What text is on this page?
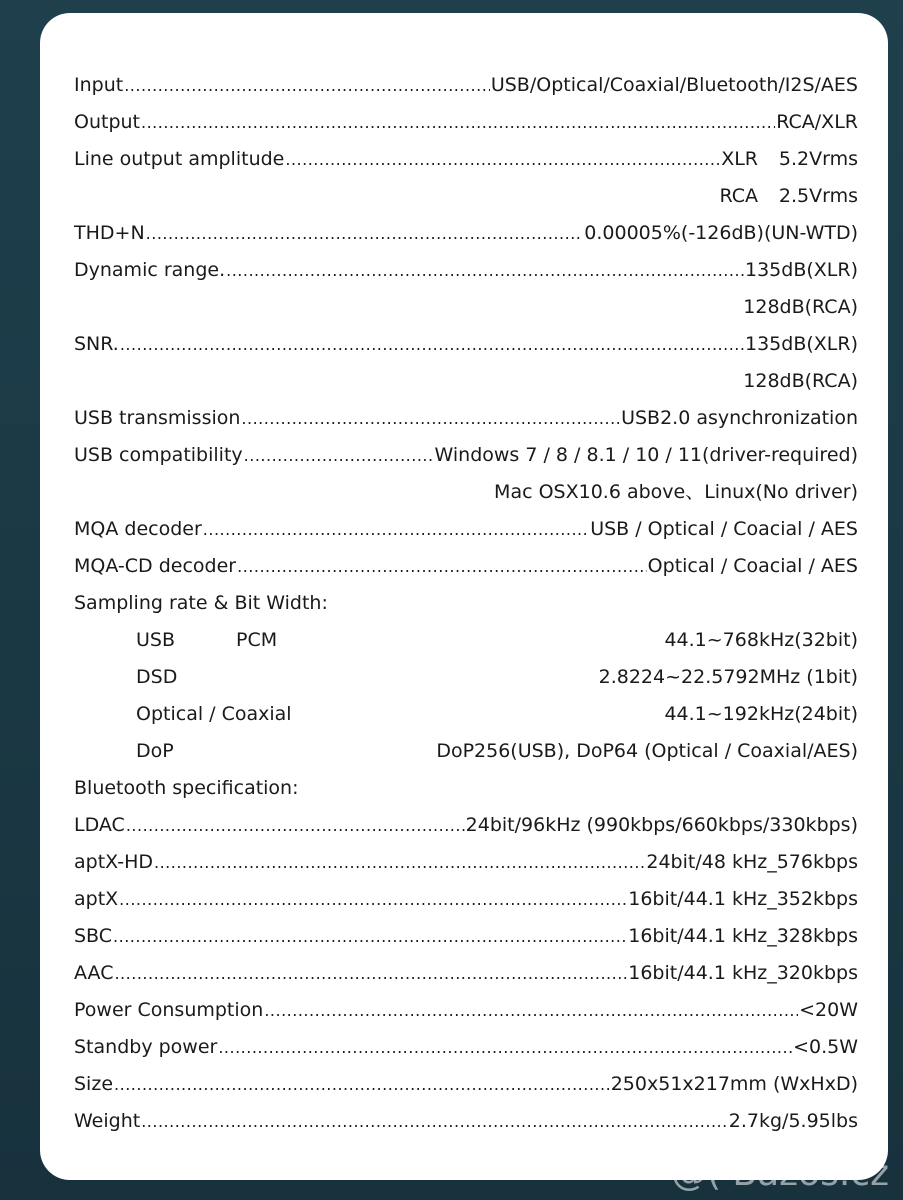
Input .....	USB/Optical/Coaxial/Bluetooth/I2S/AES
Output .....	RCA/XLR
Line output amplitude .....	XLR 5.2Vrms
RCA 2.5Vrms
THD+N .....	0.00005%(-126dB)(UN-WTD)
Dynamic range. .....	135dB(XLR)
128dB(RCA)
SNR. .....	135dB(XLR)
128dB(RCA)
USB transmission .....	USB2.0 asynchronization
USB compatibility .....	Windows 7 / 8 / 8.1 / 10 / 11(driver-required)
Mac OSX10.6 above、Linux(No driver)
MQA decoder .....	USB / Optical / Coacial / AES
MQA-CD decoder .....	Optical / Coacial / AES
Sampling rate & Bit Width:
USB	PCM	44.1~768kHz(32bit)
DSD	2.8224~22.5792MHz (1bit)
Optical / Coaxial	44.1~192kHz(24bit)
DoP	DoP256(USB), DoP64 (Optical / Coaxial/AES)
Bluetooth specification:
LDAC .....	24bit/96kHz (990kbps/660kbps/330kbps)
aptX-HD .....	24bit/48 kHz_576kbps
aptX .....	16bit/44.1 kHz_352kbps
SBC .....	16bit/44.1 kHz_328kbps
AAC .....	16bit/44.1 kHz_320kbps
Power Consumption .....	<20W
Standby power .....	<0.5W
Size .....	250x51x217mm (WxHxD)
Weight .....	2.7kg/5.95lbs
@( Bazos.cz
